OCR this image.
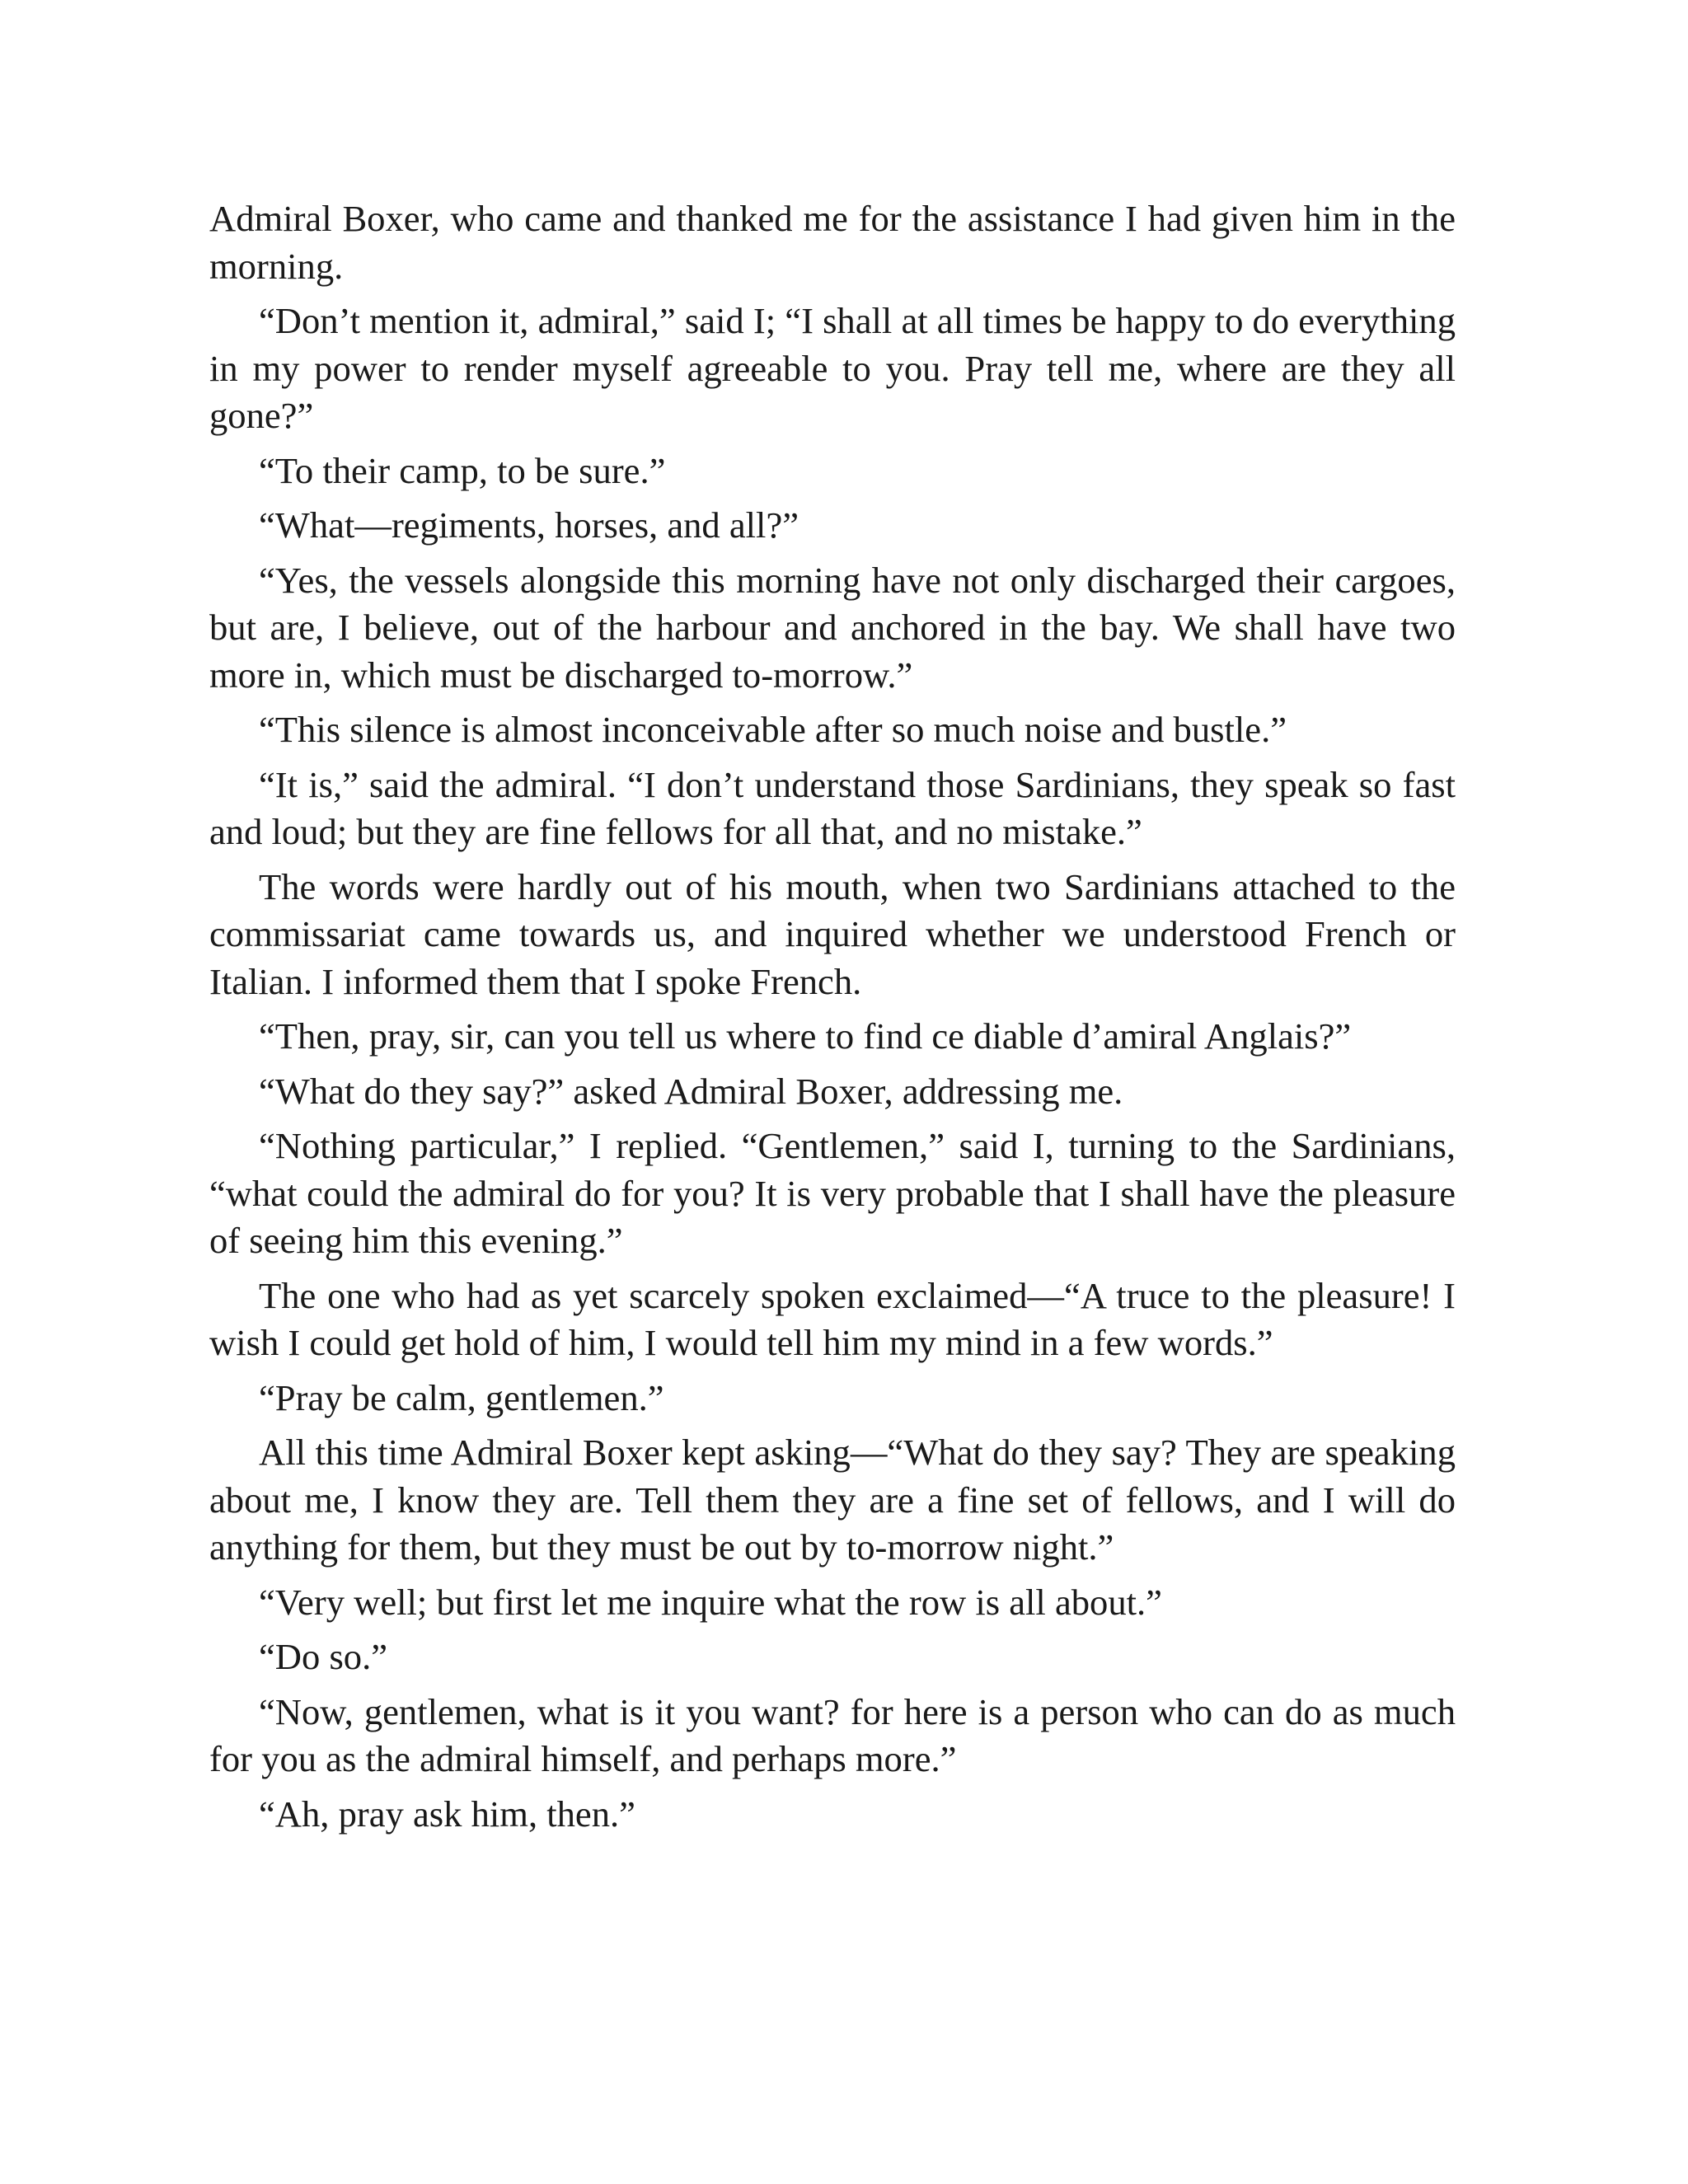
Admiral Boxer, who came and thanked me for the assistance I had given him in the morning.

“Don’t mention it, admiral,” said I; “I shall at all times be happy to do everything in my power to render myself agreeable to you. Pray tell me, where are they all gone?”

“To their camp, to be sure.”

“What—regiments, horses, and all?”

“Yes, the vessels alongside this morning have not only discharged their cargoes, but are, I believe, out of the harbour and anchored in the bay. We shall have two more in, which must be discharged to-morrow.”

“This silence is almost inconceivable after so much noise and bustle.”

“It is,” said the admiral. “I don’t understand those Sardinians, they speak so fast and loud; but they are fine fellows for all that, and no mistake.”

The words were hardly out of his mouth, when two Sardinians attached to the commissariat came towards us, and inquired whether we understood French or Italian. I informed them that I spoke French.

“Then, pray, sir, can you tell us where to find ce diable d’amiral Anglais?”

“What do they say?” asked Admiral Boxer, addressing me.

“Nothing particular,” I replied. “Gentlemen,” said I, turning to the Sardinians, “what could the admiral do for you? It is very probable that I shall have the pleasure of seeing him this evening.”

The one who had as yet scarcely spoken exclaimed—“A truce to the pleasure! I wish I could get hold of him, I would tell him my mind in a few words.”

“Pray be calm, gentlemen.”

All this time Admiral Boxer kept asking—“What do they say? They are speaking about me, I know they are. Tell them they are a fine set of fellows, and I will do anything for them, but they must be out by to-morrow night.”

“Very well; but first let me inquire what the row is all about.”

“Do so.”

“Now, gentlemen, what is it you want? for here is a person who can do as much for you as the admiral himself, and perhaps more.”

“Ah, pray ask him, then.”
